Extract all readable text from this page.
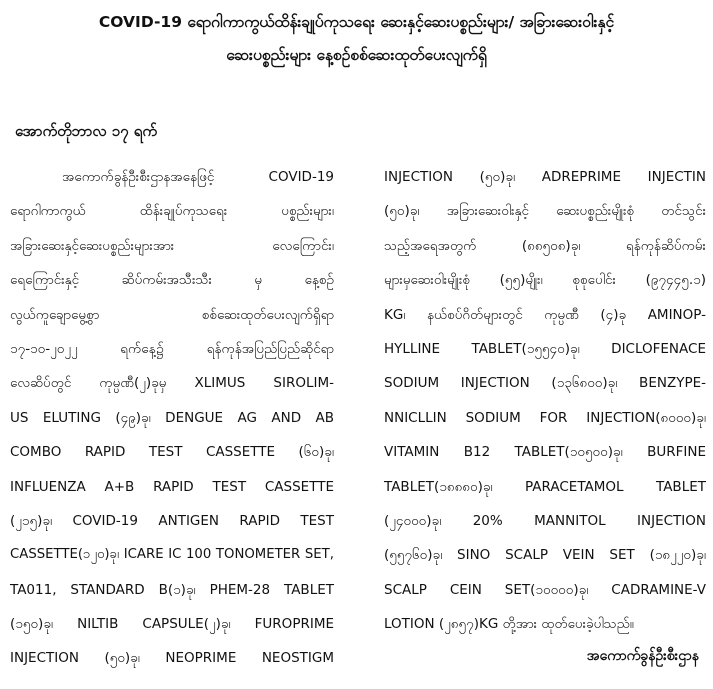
COVID-19 ရောဂါကာကွယ်ထိန်းချုပ်ကုသရေး ဆေးနှင့်ဆေးပစ္စည်းများ/ အခြားဆေးဝါးနှင့်
ဆေးပစ္စည်းများ နေ့စဉ်စစ်ဆေးထုတ်ပေးလျက်ရှိ
အောက်တိုဘာလ ၁၇ ရက်
အကောက်ခွန်ဦးစီးဌာနအနေဖြင့် COVID-19
ရောဂါကာကွယ် ထိန်းချုပ်ကုသရေး ပစ္စည်းများ၊
အခြားဆေးနှင့်ဆေးပစ္စည်းများအား လေကြောင်း၊
ရေကြောင်းနှင့် ဆိပ်ကမ်းအသီးသီး မှ နေ့စဉ်
လွယ်ကူချောမွေ့စွာ စစ်ဆေးထုတ်ပေးလျက်ရှိရာ
၁၇-၁၀-၂၀၂၂ ရက်နေ့၌ ရန်ကုန်အပြည်ပြည်ဆိုင်ရာ
လေဆိပ်တွင် ကုမ္ပဏီ(၂)ခုမှ XLIMUS SIROLIM-
US ELUTING (၄၉)ခု၊ DENGUE AG AND AB
COMBO RAPID TEST CASSETTE (၆၀)ခု၊
INFLUENZA A+B RAPID TEST CASSETTE
(၂၁၅)ခု၊ COVID-19 ANTIGEN RAPID TEST
CASSETTE(၁၂၀)ခု၊ ICARE IC 100 TONOMETER SET,
TA011, STANDARD B(၁)ခု၊ PHEM-28 TABLET
(၁၅၀)ခု၊ NILTIB CAPSULE(၂)ခု၊ FUROPRIME
INJECTION (၅၀)ခု၊ NEOPRIME NEOSTIGM
INJECTION (၅၀)ခု၊ ADREPRIME INJECTIN
(၅၀)ခု၊ အခြားဆေးဝါးနှင့် ဆေးပစ္စည်းမျိုးစုံ တင်သွင်း
သည့်အရေအတွက် (၈၈၅၀၈)ခု၊ ရန်ကုန်ဆိပ်ကမ်း
များမှဆေးဝါးမျိုးစုံ (၅၅)မျိုး၊ စုစုပေါင်း (၉၇၄၄၅.၁)
KG၊ နယ်စပ်ဂိတ်များတွင် ကုမ္ပဏီ (၄)ခု AMINOP-
HYLLINE TABLET(၁၅၅၄၀)ခု၊ DICLOFENACE
SODIUM INJECTION (၁၃၆၈၀၀)ခု၊ BENZYPE-
NNICLLIN SODIUM FOR INJECTION(၈၀၀၀)ခု၊
VITAMIN B12 TABLET(၁၀၅၀၀)ခု၊ BURFINE
TABLET(၁၈၈၈၀)ခု၊ PARACETAMOL TABLET
(၂၄၀၀၀)ခု၊ 20% MANNITOL INJECTION
(၅၅၇၆၀)ခု၊ SINO SCALP VEIN SET (၁၈၂၂၀)ခု၊
SCALP CEIN SET(၁၀၀၀၀)ခု၊ CADRAMINE-V
LOTION (၂၈၅၇)KG တို့အား ထုတ်ပေးခဲ့ပါသည်။
အကောက်ခွန်ဦးစီးဌာန
